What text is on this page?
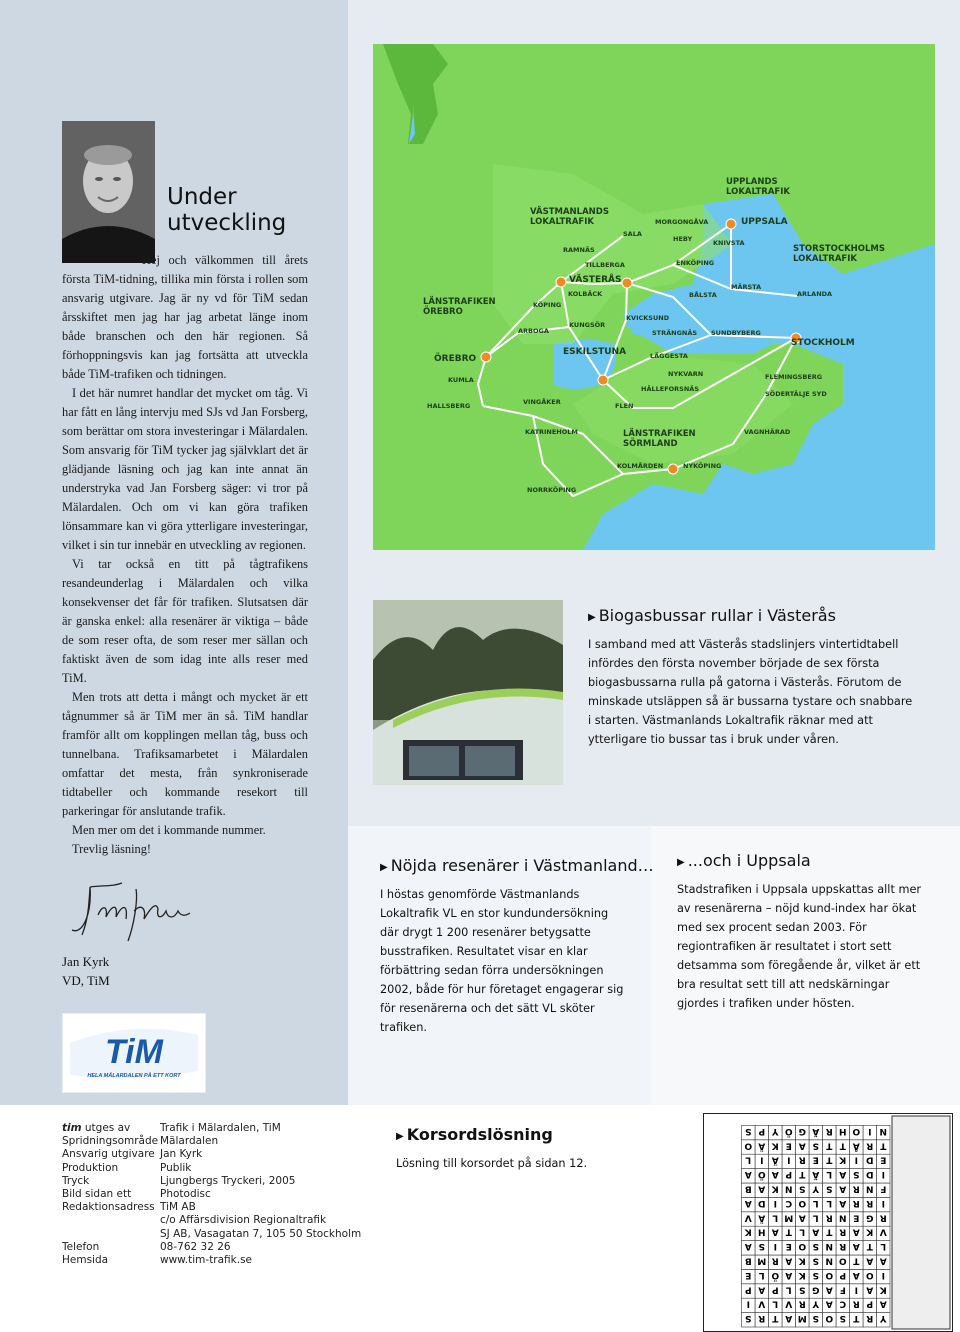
Under
utveckling

Hej och välkommen till årets första TiM-tidning, tillika min första i rollen som ansvarig utgivare. Jag är ny vd för TiM sedan årsskiftet men jag har jag arbetat länge inom både branschen och den här regionen. Så förhoppningsvis kan jag fortsätta att utveckla både TiM-trafiken och tidningen.

I det här numret handlar det mycket om tåg. Vi har fått en lång intervju med SJs vd Jan Forsberg, som berättar om stora investeringar i Mälardalen. Som ansvarig för TiM tycker jag självklart det är glädjande läsning och jag kan inte annat än understryka vad Jan Forsberg säger: vi tror på Mälardalen. Och om vi kan göra trafiken lönsammare kan vi göra ytterligare investeringar, vilket i sin tur innebär en utveckling av regionen.

Vi tar också en titt på tågtrafikens resandeunderlag i Mälardalen och vilka konsekvenser det får för trafiken. Slutsatsen där är ganska enkel: alla resenärer är viktiga – både de som reser ofta, de som reser mer sällan och faktiskt även de som idag inte alls reser med TiM.

Men trots att detta i mångt och mycket är ett tågnummer så är TiM mer än så. TiM handlar framför allt om kopplingen mellan tåg, buss och tunnelbana. Trafiksamarbetet i Mälardalen omfattar det mesta, från synkroniserade tidtabeller och kommande resekort till parkeringar för anslutande trafik.

Men mer om det i kommande nummer.

Trevlig läsning!

Jan Kyrk
VD, TiM
TiM
HELA MÄLARDALEN PÅ ETT KORT
SALA
MORGONGÅVA	UPPSALA
HEBY	KNIVSTA
RAMNÄS
ENKÖPING
TILLBERGA
VÄSTERÅS
MÄRSTA
KÖPING
KOLBÄCK	BÅLSTA	ARLANDA
KUNGSÖR
KVICKSUND
ARBOGA	STRÄNGNÄS SUNDBYBERG
STOCKHOLM
ÖREBRO
ESKILSTUNA	LÄGGESTA
KUMLA
NYKVARN	FLEMINGSBERG
HÄLLEFORSNÄS
SÖDERTÄLJE SYD
HALLSBERG	VINGÅKER	FLEN
KATRINEHOLM	VAGNHÄRAD
KOLMÅRDEN	NYKÖPING
NORRKÖPING
VÄSTMANLANDS LOKALTRAFIK
UPPLANDS LOKALTRAFIK
STORSTOCKHOLMS LOKALTRAFIK
LÄNSTRAFIKEN ÖREBRO
LÄNSTRAFIKEN SÖRMLAND
▶ Biogasbussar rullar i Västerås

I samband med att Västerås stadslinjers vintertidtabell infördes den första november började de sex första biogasbussarna rulla på gatorna i Västerås. Förutom de minskade utsläppen så är bussarna tystare och snabbare i starten. Västmanlands Lokaltrafik räknar med att ytterligare tio bussar tas i bruk under våren.

▶ Nöjda resenärer i Västmanland…

I höstas genomförde Västmanlands Lokaltrafik VL en stor kundundersökning där drygt 1 200 resenärer betygsatte busstrafiken. Resultatet visar en klar förbättring sedan förra undersökningen 2002, både för hur företaget engagerar sig för resenärerna och det sätt VL sköter trafiken.

▶ ...och i Uppsala

Stadstrafiken i Uppsala uppskattas allt mer av resenärerna – nöjd kund-index har ökat med sex procent sedan 2003. För regiontrafiken är resultatet i stort sett detsamma som föregående år, vilket är ett bra resultat sett till att nedskärningar gjordes i trafiken under hösten.

▶ Korsordslösning

Lösning till korsordet på sidan 12.

tim utges av	Trafik i Mälardalen, TiM
Spridningsområde Mälardalen
Ansvarig utgivare Jan Kyrk
Produktion	Publik
Tryck	Ljungbergs Tryckeri, 2005
Bild sidan ett	Photodisc
Redaktionsadress TiM AB
c/o Affärsdivision Regionaltrafik
SJ AB, Vasagatan 7, 105 50 Stockholm
Telefon	08-762 32 26
Hemsida	www.tim-trafik.se
Y
R
T
S
O
S
M
A
T
R
S
A
P
R
C
A
Y
R
V
L
V
I
K
A
I
F
A
G
S
L
P
A
P
I
O
A
P
O
S
K
A
Ö
L
E
A
A
T
O
N
S
K
A
R
M
B
L
T
A
R
N
S
O
E
I
S
A
V
K
A
R
T
A
L
T
A
H
K
R
G
E
N
R
L
A
M
L
Ä
V
I
R
R
A
L
L
O
C
I
D
A
F
N
R
A
S
Y
S
N
K
A
B
I
D
S
A
L
Ä
T
P
A
Ö
A
E
D
I
K
T
E
R
I
Ä
I
L
T
R
Å
T
T
S
A
E
K
Ä
O
N
I
O
H
R
Ä
G
Ö
Y
P
S
